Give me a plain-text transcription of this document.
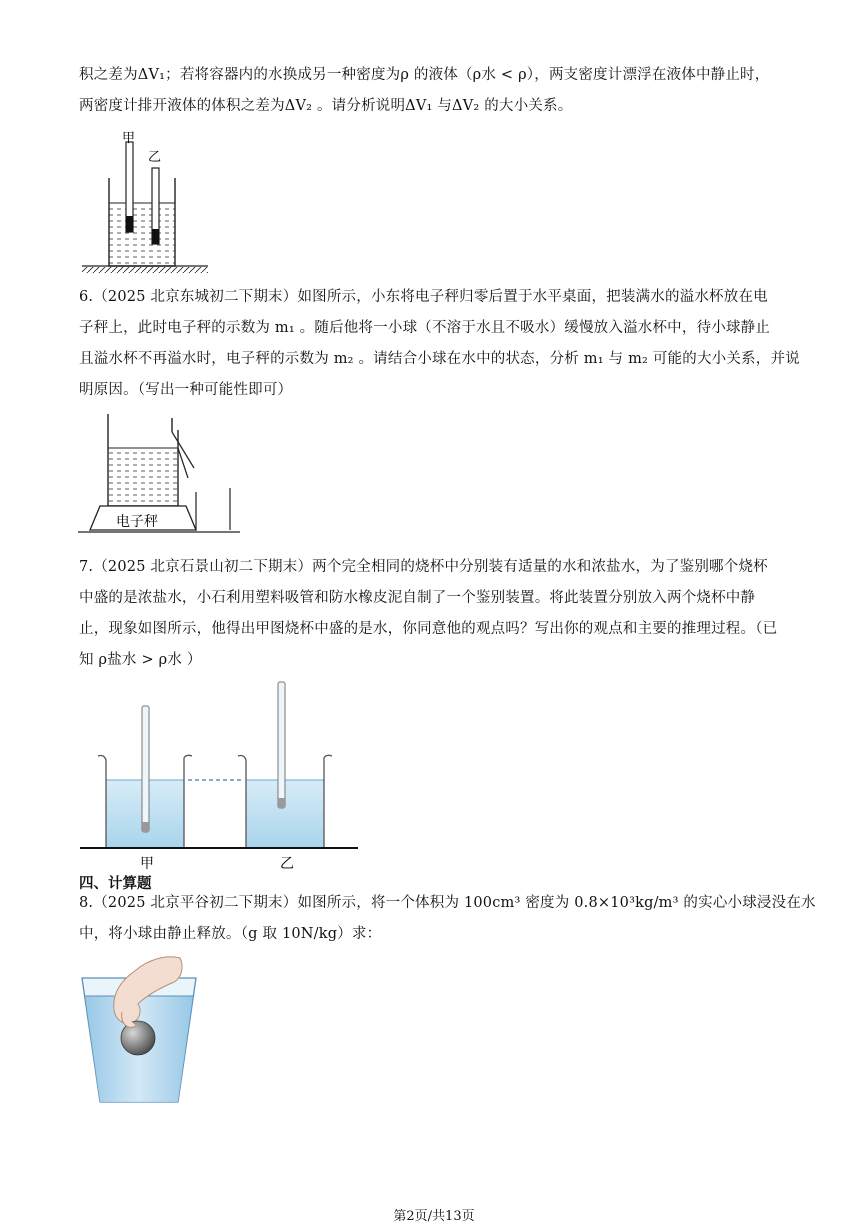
积之差为ΔV₁；若将容器内的水换成另一种密度为ρ 的液体（ρ水 < ρ），两支密度计漂浮在液体中静止时，
两密度计排开液体的体积之差为ΔV₂ 。请分析说明ΔV₁ 与ΔV₂ 的大小关系。
甲
乙
6.（2025 北京东城初二下期末）如图所示，小东将电子秤归零后置于水平桌面，把装满水的溢水杯放在电
子秤上，此时电子秤的示数为 m₁ 。随后他将一小球（不溶于水且不吸水）缓慢放入溢水杯中，待小球静止
且溢水杯不再溢水时，电子秤的示数为 m₂ 。请结合小球在水中的状态，分析 m₁ 与 m₂ 可能的大小关系，并说
明原因。（写出一种可能性即可）
电子秤
7.（2025 北京石景山初二下期末）两个完全相同的烧杯中分别装有适量的水和浓盐水，为了鉴别哪个烧杯
中盛的是浓盐水，小石利用塑料吸管和防水橡皮泥自制了一个鉴别装置。将此装置分别放入两个烧杯中静
止，现象如图所示，他得出甲图烧杯中盛的是水，你同意他的观点吗？写出你的观点和主要的推理过程。（已
知 ρ盐水 > ρ水 ）
甲	乙
四、计算题
8.（2025 北京平谷初二下期末）如图所示，将一个体积为 100cm³ 密度为 0.8×10³kg/m³ 的实心小球浸没在水
中，将小球由静止释放。（g 取 10N/kg）求：
第2页/共13页
